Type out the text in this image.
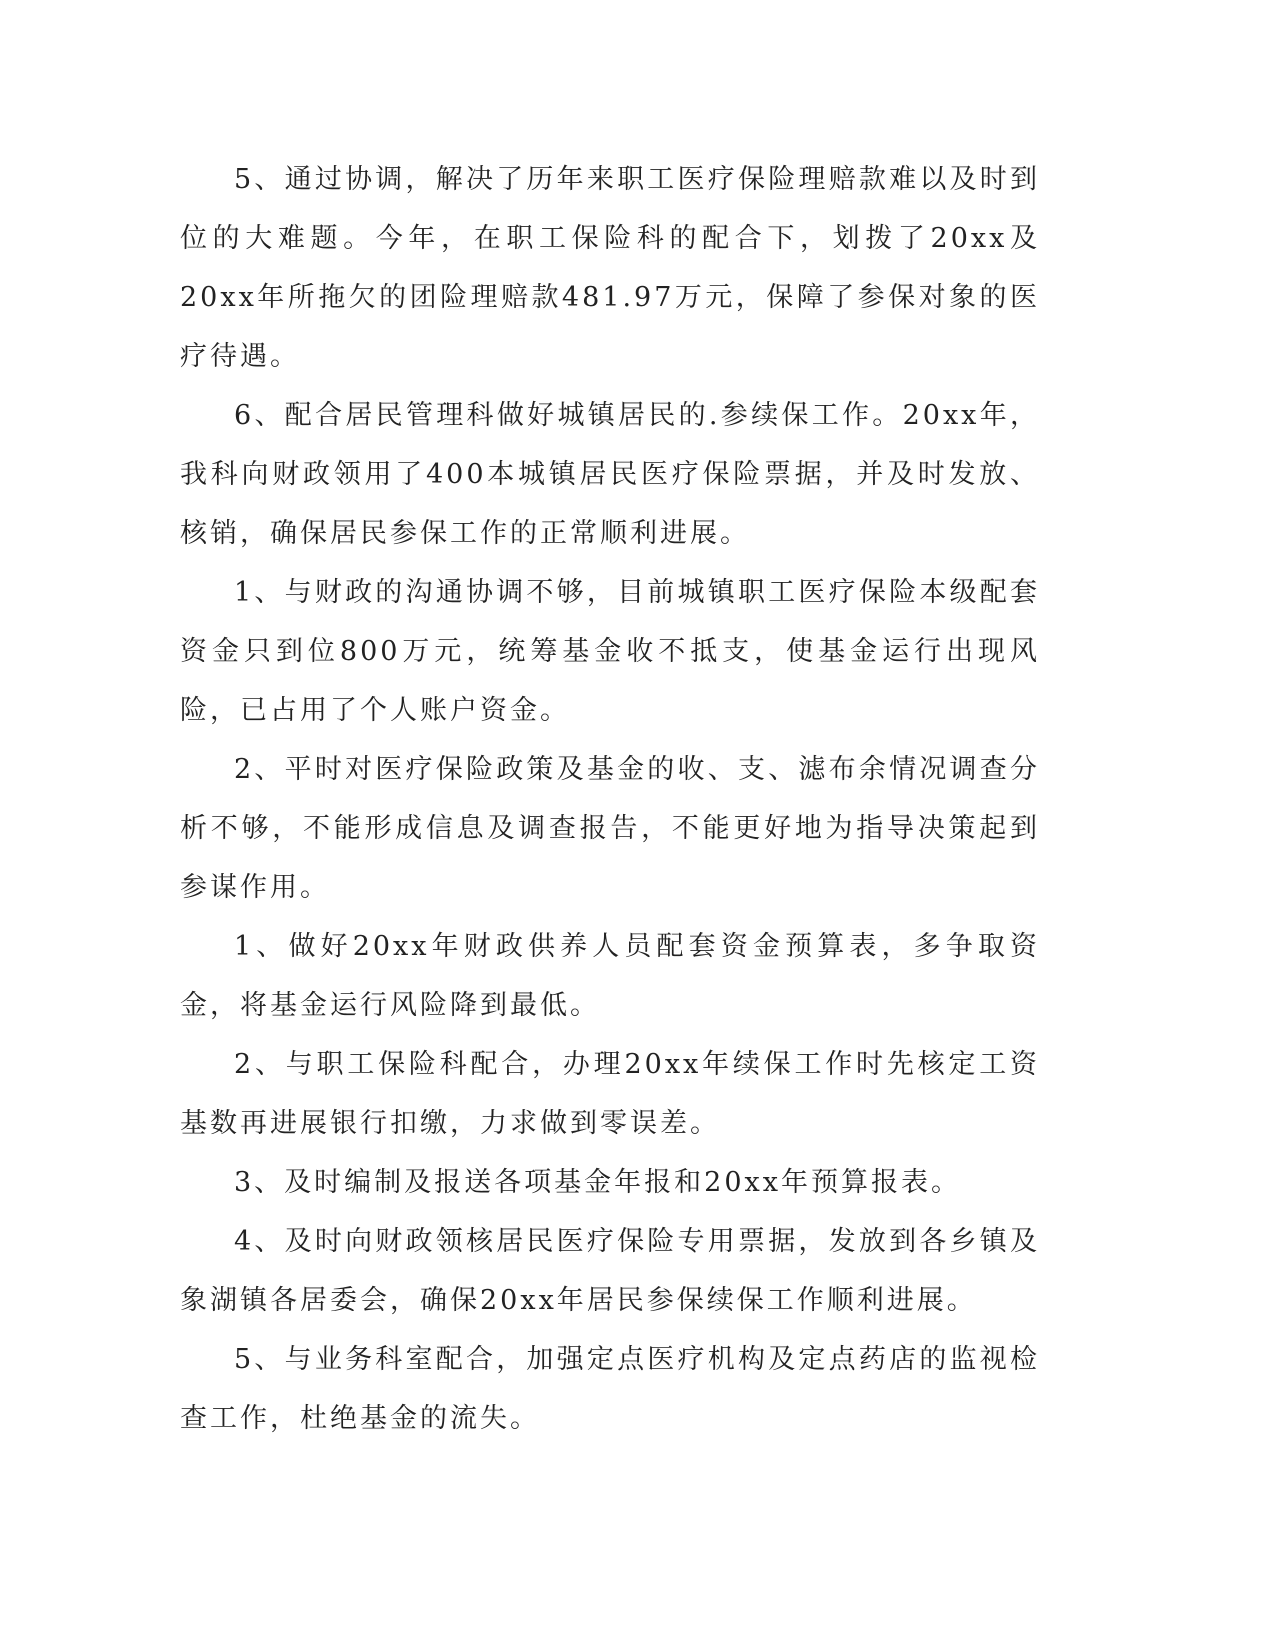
5、通过协调，解决了历年来职工医疗保险理赔款难以及时到位的大难题。今年，在职工保险科的配合下，划拨了20xx及20xx年所拖欠的团险理赔款481.97万元，保障了参保对象的医疗待遇。

6、配合居民管理科做好城镇居民的.参续保工作。20xx年，我科向财政领用了400本城镇居民医疗保险票据，并及时发放、核销，确保居民参保工作的正常顺利进展。

1、与财政的沟通协调不够，目前城镇职工医疗保险本级配套资金只到位800万元，统筹基金收不抵支，使基金运行出现风险，已占用了个人账户资金。

2、平时对医疗保险政策及基金的收、支、滤布余情况调查分析不够，不能形成信息及调查报告，不能更好地为指导决策起到参谋作用。

1、做好20xx年财政供养人员配套资金预算表，多争取资金，将基金运行风险降到最低。

2、与职工保险科配合，办理20xx年续保工作时先核定工资基数再进展银行扣缴，力求做到零误差。

3、及时编制及报送各项基金年报和20xx年预算报表。

4、及时向财政领核居民医疗保险专用票据，发放到各乡镇及象湖镇各居委会，确保20xx年居民参保续保工作顺利进展。

5、与业务科室配合，加强定点医疗机构及定点药店的监视检查工作，杜绝基金的流失。
